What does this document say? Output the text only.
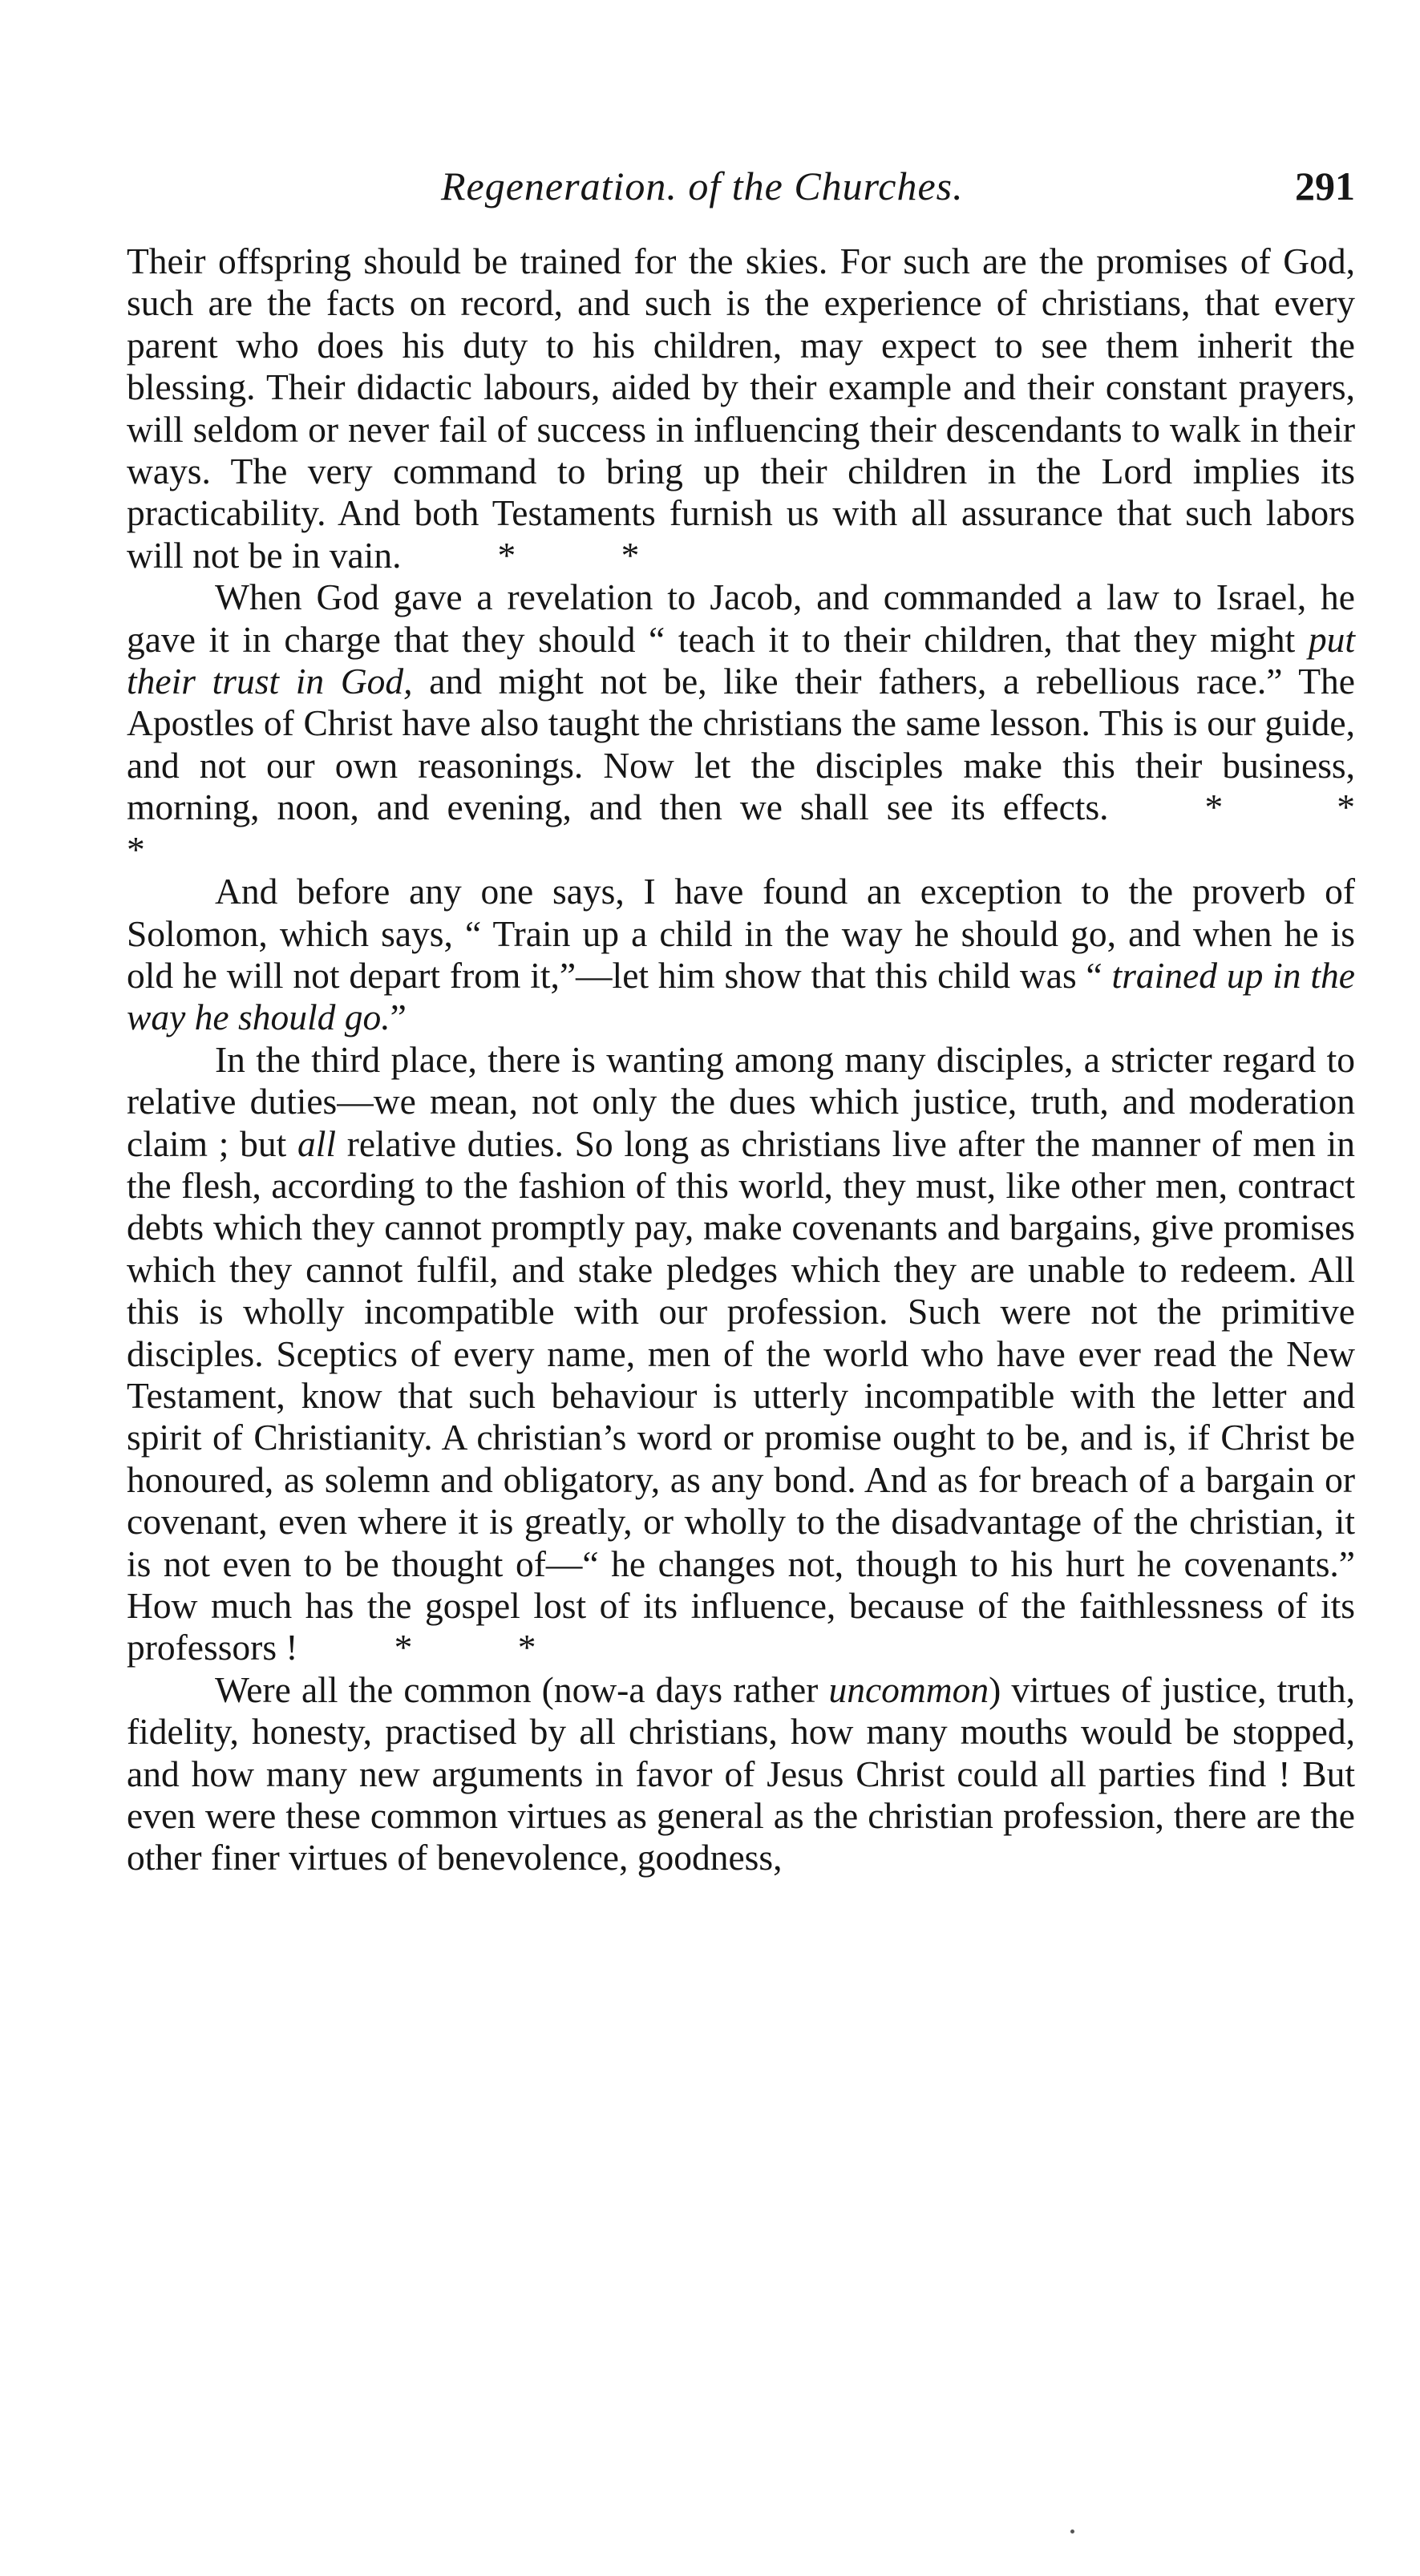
Regeneration. of the Churches.	291

Their offspring should be trained for the skies. For such are the promises of God, such are the facts on record, and such is the experience of christians, that every parent who does his duty to his children, may expect to see them inherit the blessing. Their didactic labours, aided by their example and their constant prayers, will seldom or never fail of success in influencing their descendants to walk in their ways. The very command to bring up their children in the Lord implies its practicability. And both Testaments furnish us with all assurance that such labors will not be in vain.	* *

When God gave a revelation to Jacob, and commanded a law to Israel, he gave it in charge that they should “ teach it to their children, that they might put their trust in God, and might not be, like their fathers, a rebellious race.” The Apostles of Christ have also taught the christians the same lesson. This is our guide, and not our own reasonings. Now let the disciples make this their business, morning, noon, and evening, and then we shall see its effects.	* * *

And before any one says, I have found an exception to the proverb of Solomon, which says, “ Train up a child in the way he should go, and when he is old he will not depart from it,”—let him show that this child was “ trained up in the way he should go.”

In the third place, there is wanting among many disciples, a stricter regard to relative duties—we mean, not only the dues which justice, truth, and moderation claim ; but all relative duties. So long as christians live after the manner of men in the flesh, according to the fashion of this world, they must, like other men, contract debts which they cannot promptly pay, make covenants and bargains, give promises which they cannot fulfil, and stake pledges which they are unable to redeem. All this is wholly incompatible with our profession. Such were not the primitive disciples. Sceptics of every name, men of the world who have ever read the New Testament, know that such behaviour is utterly incompatible with the letter and spirit of Christianity. A christian’s word or promise ought to be, and is, if Christ be honoured, as solemn and obligatory, as any bond. And as for breach of a bargain or covenant, even where it is greatly, or wholly to the disadvantage of the christian, it is not even to be thought of—“ he changes not, though to his hurt he covenants.” How much has the gospel lost of its influence, because of the faithlessness of its professors !	* *

Were all the common (now-a days rather uncommon) virtues of justice, truth, fidelity, honesty, practised by all christians, how many mouths would be stopped, and how many new arguments in favor of Jesus Christ could all parties find ! But even were these common virtues as general as the christian profession, there are the other finer virtues of benevolence, goodness,
